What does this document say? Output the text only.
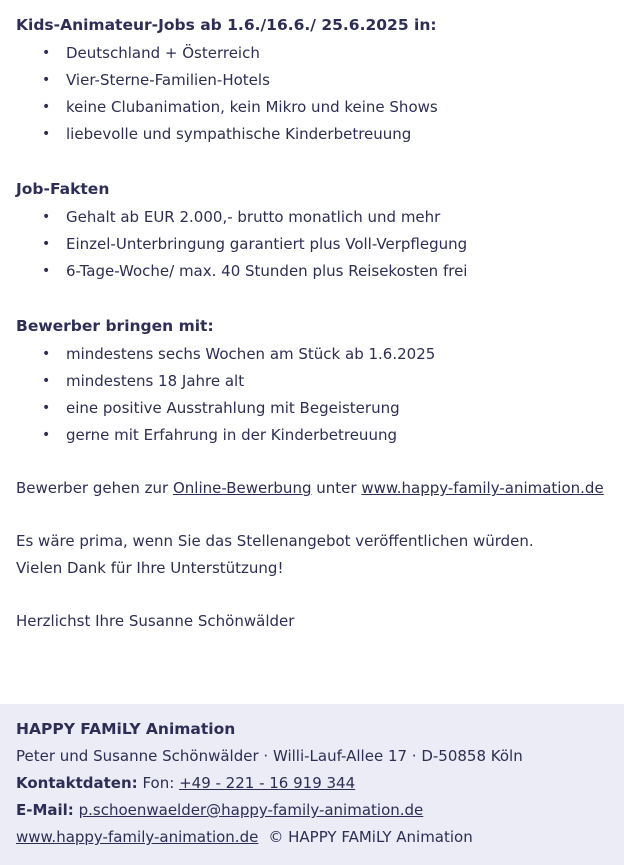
Kids-Animateur-Jobs ab 1.6./16.6./ 25.6.2025 in:
•	Deutschland + Österreich
•	Vier-Sterne-Familien-Hotels
•	keine Clubanimation, kein Mikro und keine Shows
•	liebevolle und sympathische Kinderbetreuung
Job-Fakten
•	Gehalt ab EUR 2.000,- brutto monatlich und mehr
•	Einzel-Unterbringung garantiert plus Voll-Verpflegung
•	6-Tage-Woche/ max. 40 Stunden plus Reisekosten frei
Bewerber bringen mit:
•	mindestens sechs Wochen am Stück ab 1.6.2025
•	mindestens 18 Jahre alt
•	eine positive Ausstrahlung mit Begeisterung
•	gerne mit Erfahrung in der Kinderbetreuung

Bewerber gehen zur Online-Bewerbung unter www.happy-family-animation.de

Es wäre prima, wenn Sie das Stellenangebot veröffentlichen würden.

Vielen Dank für Ihre Unterstützung!

Herzlichst Ihre Susanne Schönwälder

HAPPY FAMiLY Animation
Peter und Susanne Schönwälder · Willi-Lauf-Allee 17 · D-50858 Köln
Kontaktdaten: Fon: +49 - 221 - 16 919 344
E-Mail: p.schoenwaelder@happy-family-animation.de
www.happy-family-animation.de © HAPPY FAMiLY Animation
